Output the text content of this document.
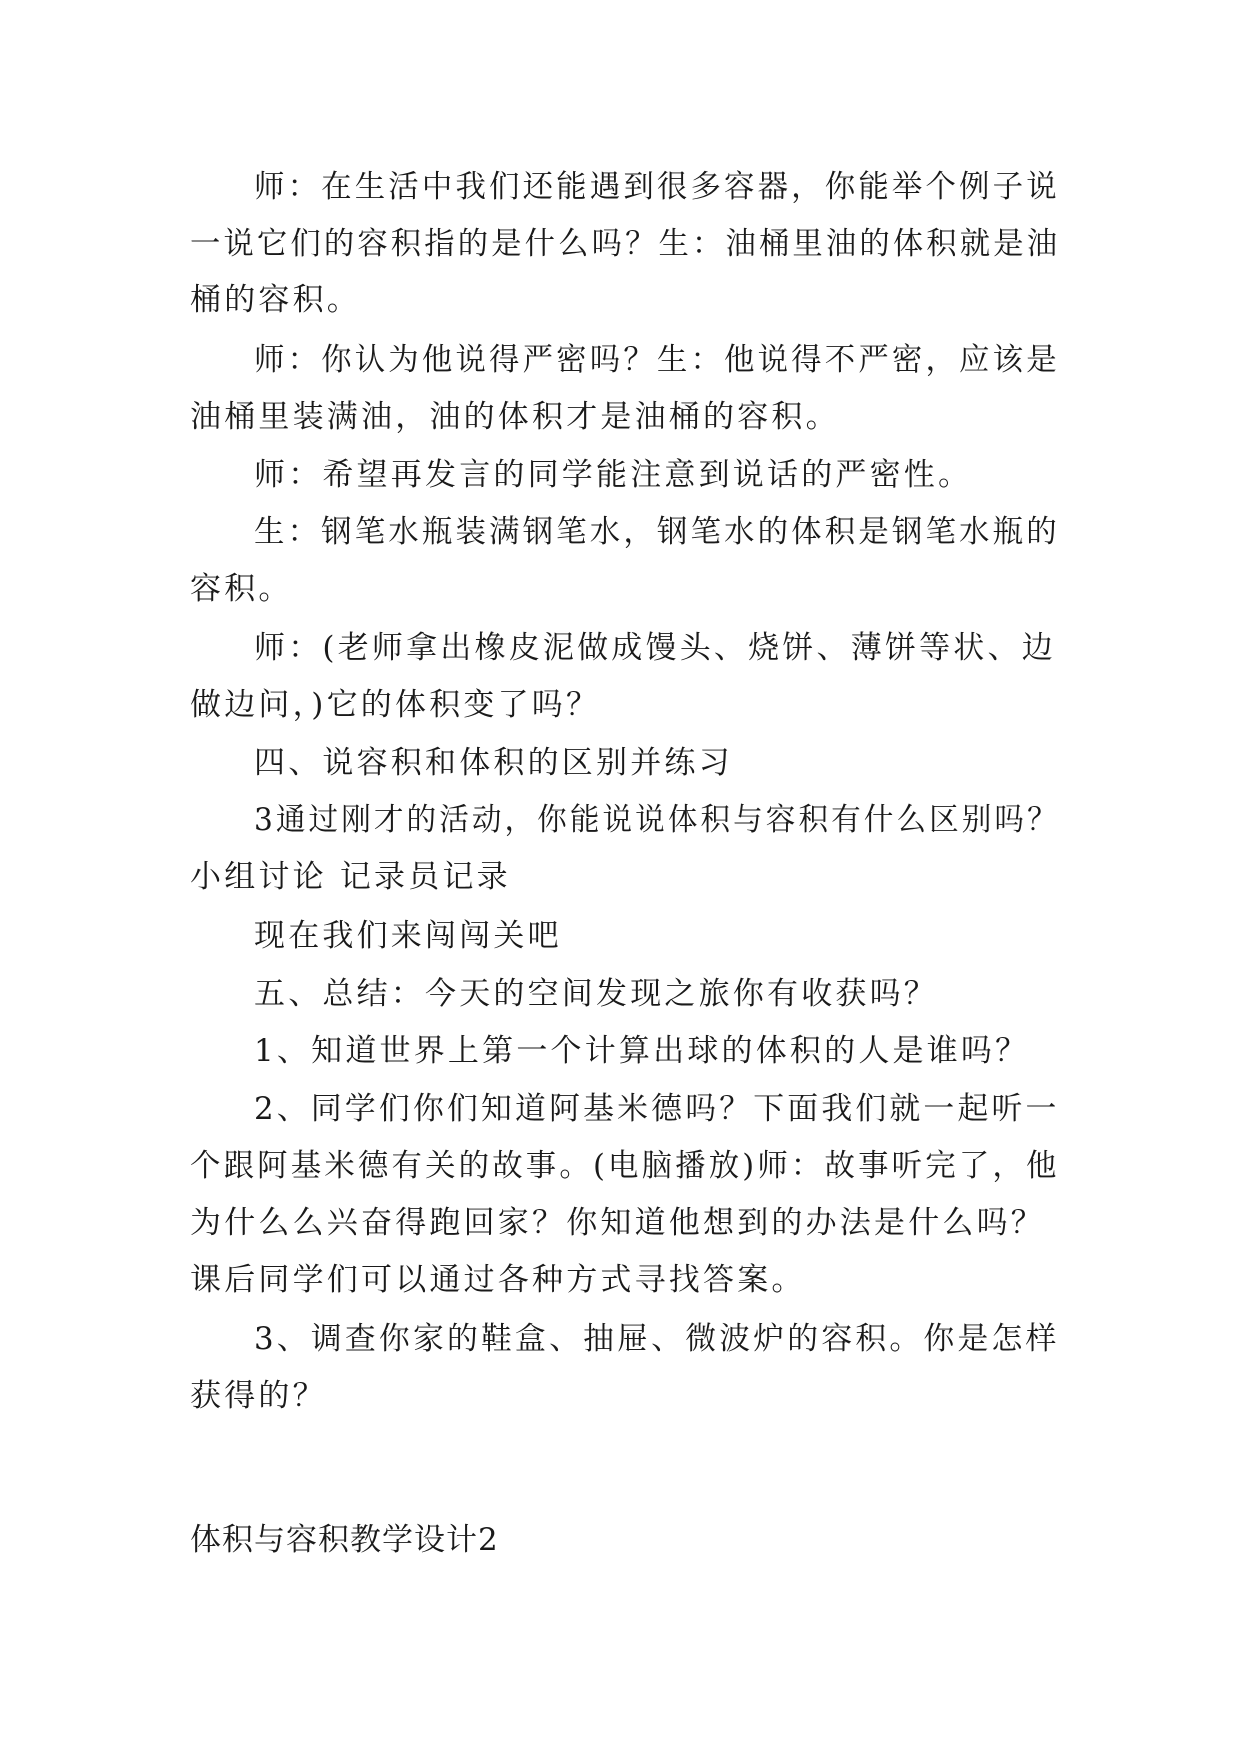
师：在生活中我们还能遇到很多容器，你能举个例子说
一说它们的容积指的是什么吗？生：油桶里油的体积就是油
桶的容积。
师：你认为他说得严密吗？生：他说得不严密，应该是
油桶里装满油，油的体积才是油桶的容积。
师：希望再发言的同学能注意到说话的严密性。
生：钢笔水瓶装满钢笔水，钢笔水的体积是钢笔水瓶的
容积。
师：(老师拿出橡皮泥做成馒头、烧饼、薄饼等状、边
做边问，)它的体积变了吗？
四、说容积和体积的区别并练习
3通过刚才的活动，你能说说体积与容积有什么区别吗？
小组讨论 记录员记录
现在我们来闯闯关吧
五、总结：今天的空间发现之旅你有收获吗？
1、知道世界上第一个计算出球的体积的人是谁吗？
2、同学们你们知道阿基米德吗？下面我们就一起听一
个跟阿基米德有关的故事。(电脑播放)师：故事听完了，他
为什么么兴奋得跑回家？你知道他想到的办法是什么吗？
课后同学们可以通过各种方式寻找答案。
3、调查你家的鞋盒、抽屉、微波炉的容积。你是怎样
获得的？
体积与容积教学设计2
